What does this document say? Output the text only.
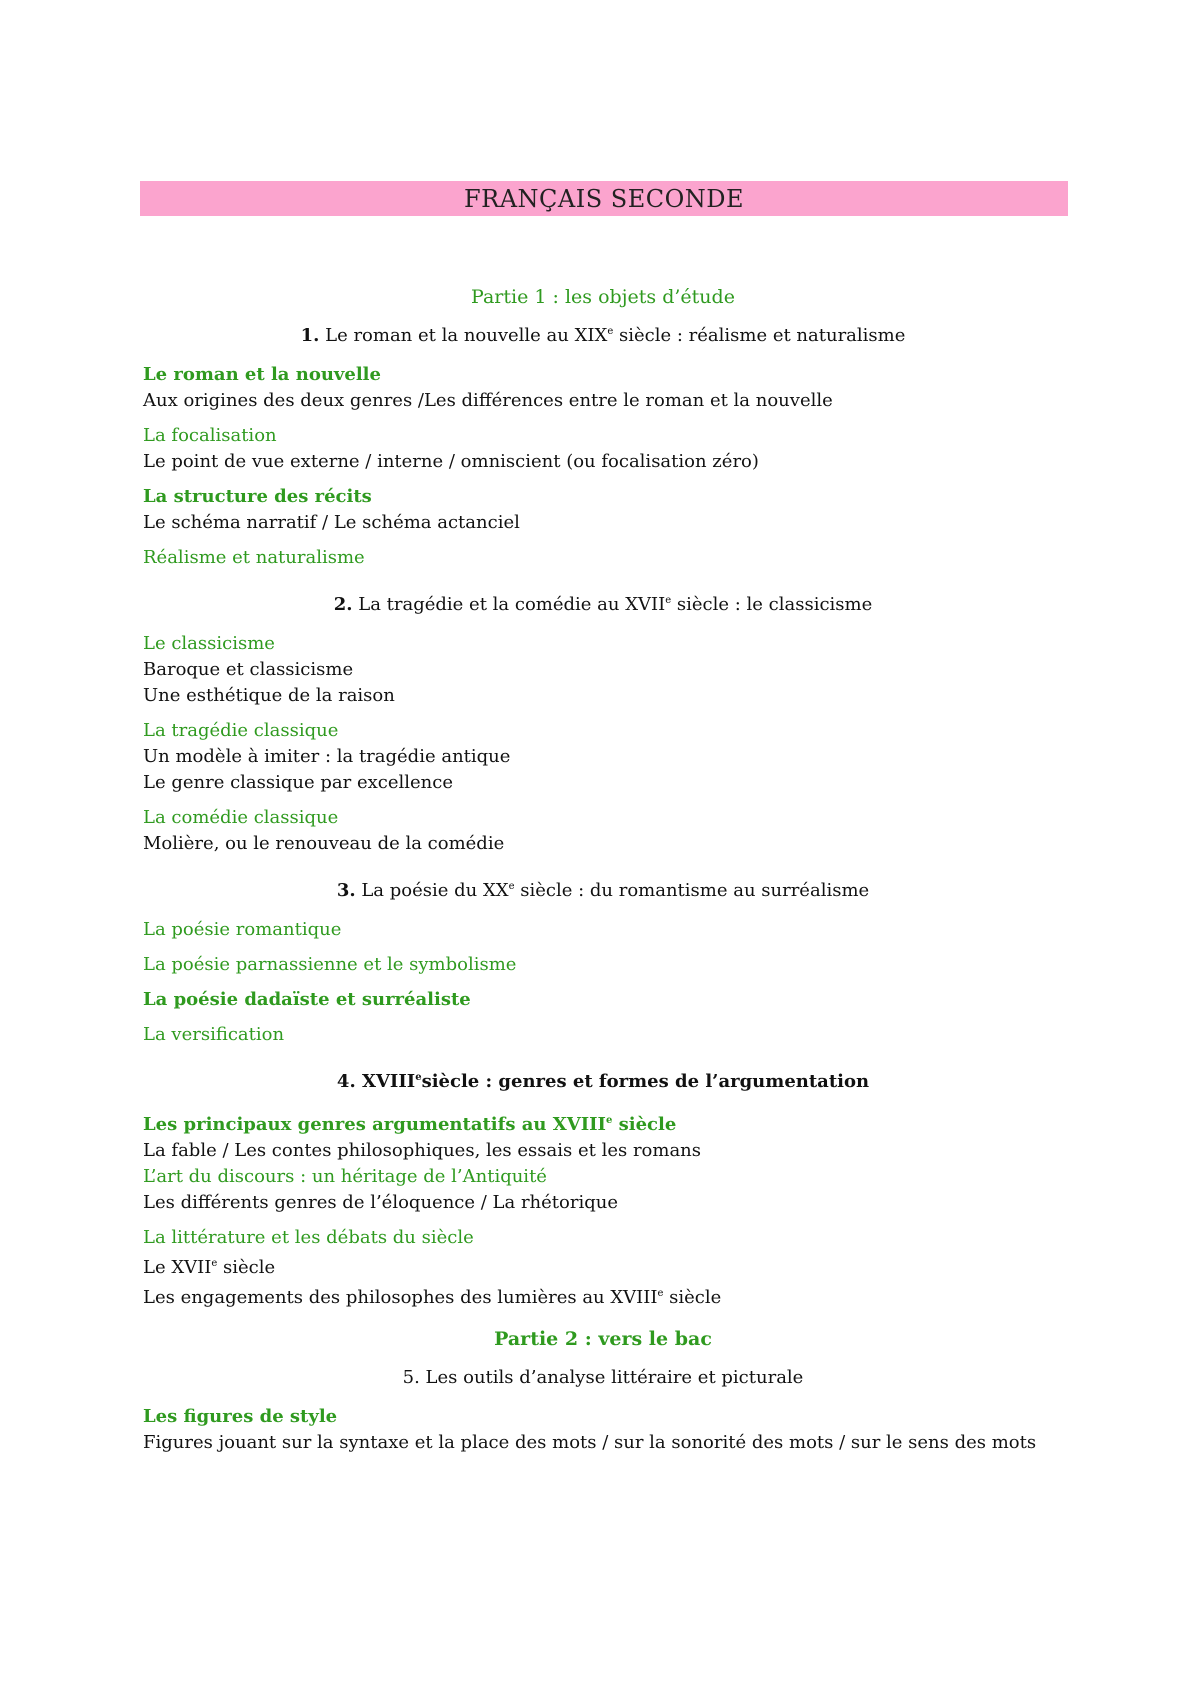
FRANÇAIS SECONDE
Partie 1 : les objets d’étude
1. Le roman et la nouvelle au XIXe siècle : réalisme et naturalisme
Le roman et la nouvelle
Aux origines des deux genres /Les différences entre le roman et la nouvelle
La focalisation
Le point de vue externe / interne / omniscient (ou focalisation zéro)
La structure des récits
Le schéma narratif / Le schéma actanciel
Réalisme et naturalisme
2. La tragédie et la comédie au XVIIe siècle : le classicisme
Le classicisme
Baroque et classicisme
Une esthétique de la raison
La tragédie classique
Un modèle à imiter : la tragédie antique
Le genre classique par excellence
La comédie classique
Molière, ou le renouveau de la comédie
3. La poésie du XXe siècle : du romantisme au surréalisme
La poésie romantique
La poésie parnassienne et le symbolisme
La poésie dadaïste et surréaliste
La versification
4. XVIIIesiècle : genres et formes de l’argumentation
Les principaux genres argumentatifs au XVIIIe siècle
La fable / Les contes philosophiques, les essais et les romans
L’art du discours : un héritage de l’Antiquité
Les différents genres de l’éloquence / La rhétorique
La littérature et les débats du siècle
Le XVIIe siècle
Les engagements des philosophes des lumières au XVIIIe siècle
Partie 2 : vers le bac
5. Les outils d’analyse littéraire et picturale
Les figures de style
Figures jouant sur la syntaxe et la place des mots / sur la sonorité des mots / sur le sens des mots
